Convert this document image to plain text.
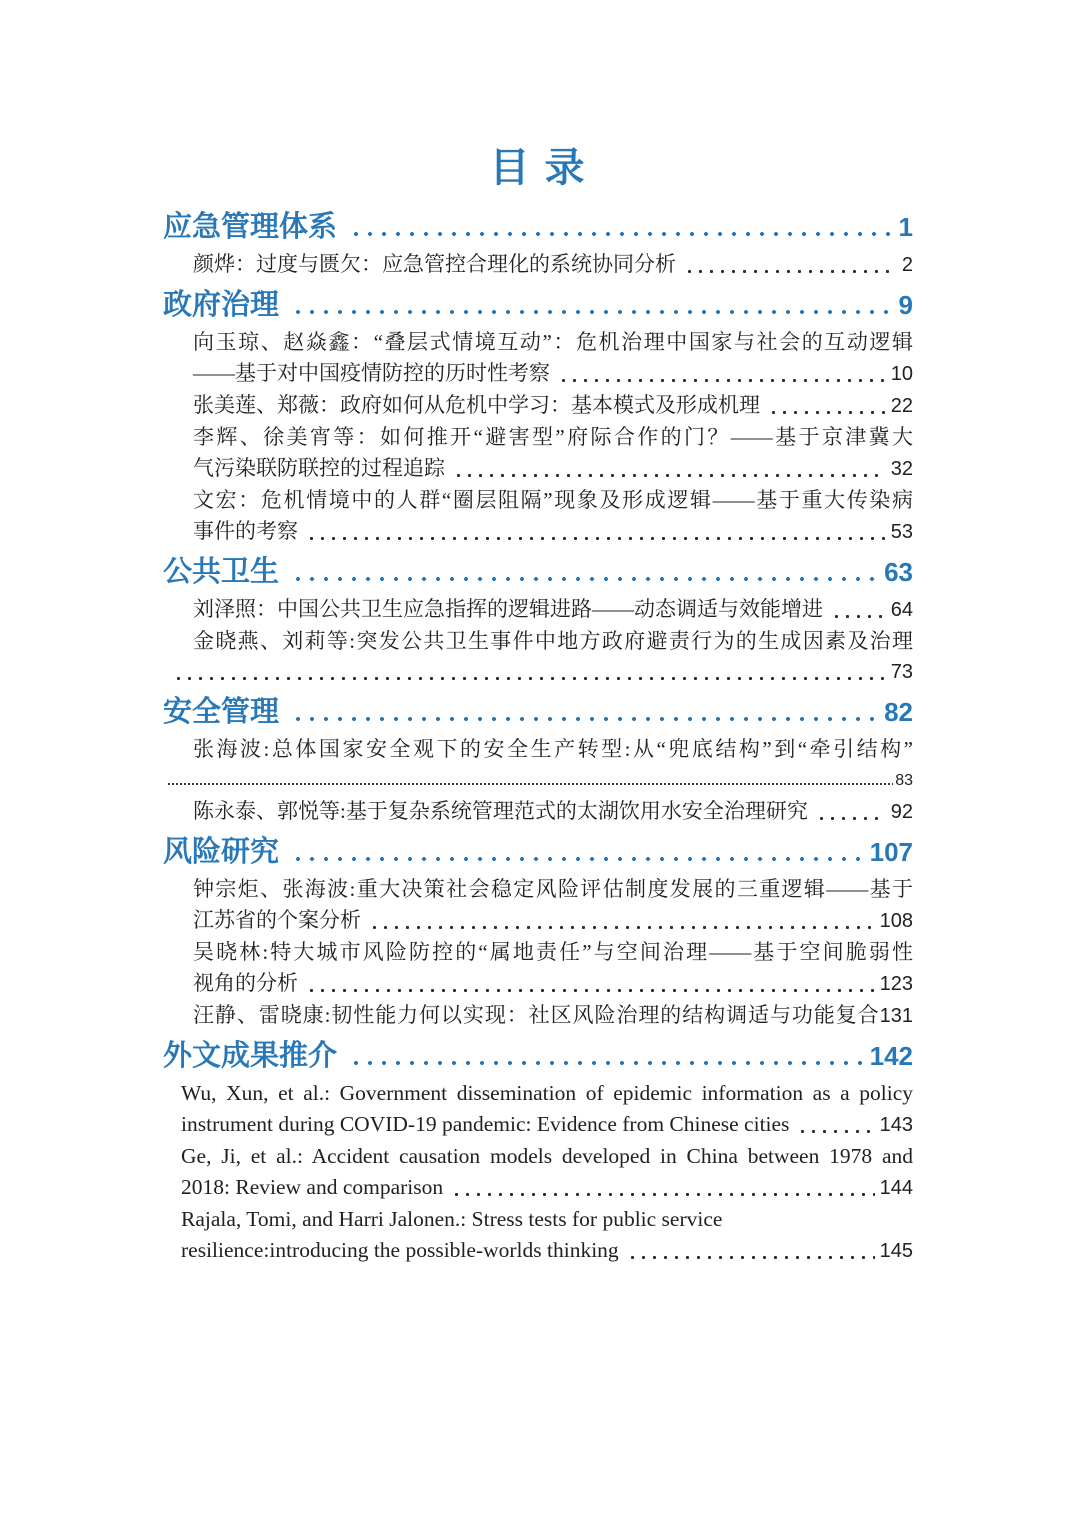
目 录
应急管理体系	1
颜烨：过度与匮欠：应急管控合理化的系统协同分析	2
政府治理	9
向玉琼、赵焱鑫：“叠层式情境互动”：危机治理中国家与社会的互动逻辑
——基于对中国疫情防控的历时性考察	10
张美莲、郑薇：政府如何从危机中学习：基本模式及形成机理	22
李辉、徐美宵等：如何推开“避害型”府际合作的门？——基于京津冀大
气污染联防联控的过程追踪	32
文宏：危机情境中的人群“圈层阻隔”现象及形成逻辑——基于重大传染病
事件的考察	53
公共卫生	63
刘泽照：中国公共卫生应急指挥的逻辑进路——动态调适与效能增进	64
金晓燕、刘莉等:突发公共卫生事件中地方政府避责行为的生成因素及治理
73
安全管理	82
张海波:总体国家安全观下的安全生产转型:从“兜底结构”到“牵引结构”
83
陈永泰、郭悦等:基于复杂系统管理范式的太湖饮用水安全治理研究	92
风险研究	107
钟宗炬、张海波:重大决策社会稳定风险评估制度发展的三重逻辑——基于
江苏省的个案分析	108
吴晓林:特大城市风险防控的“属地责任”与空间治理——基于空间脆弱性
视角的分析	123
汪静、雷晓康:韧性能力何以实现：社区风险治理的结构调适与功能复合131
外文成果推介	142
Wu, Xun, et al.: Government dissemination of epidemic information as a policy
instrument during COVID-19 pandemic: Evidence from Chinese cities	143
Ge, Ji, et al.: Accident causation models developed in China between 1978 and
2018: Review and comparison	144
Rajala, Tomi, and Harri Jalonen.: Stress tests for public service
resilience:introducing the possible-worlds thinking	145
